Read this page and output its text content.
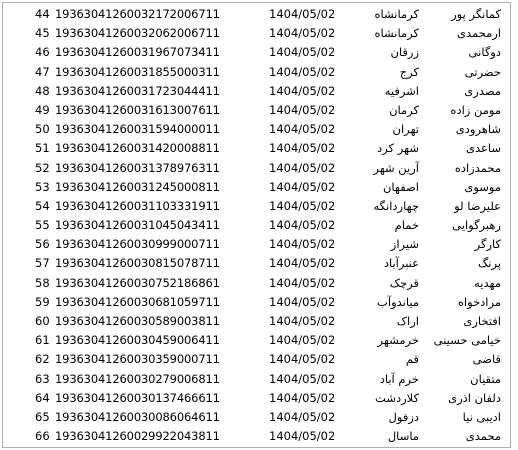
44 19363041260032172006711	1404/05/02	کرمانشاه	کمانگر پور
45 19363041260032062006711	1404/05/02	کرمانشاه	ارمحمدی
46 19363041260031967073411	1404/05/02	زرقان	دوگانی
47 19363041260031855000311	1404/05/02	کرج	حضرتی
48 19363041260031723044411	1404/05/02	اشرفیه	مصدری
49 19363041260031613007611	1404/05/02	کرمان	مومن زاده
50 19363041260031594000011	1404/05/02	تهران	شاهرودی
51 19363041260031420008811	1404/05/02	شهر کرد	ساعدی
52 19363041260031378976311	1404/05/02	آرین شهر	محمدزاده
53 19363041260031245000811	1404/05/02	اصفهان	موسوی
54 19363041260031103331911	1404/05/02	چهاردانگه	علیرضا لو
55 19363041260031045043411	1404/05/02	خمام	رهبرگوایی
56 19363041260030999000711	1404/05/02	شیراز	کارگر
57 19363041260030815078711	1404/05/02	عنبرآباد	پرنگ
58 19363041260030752186861	1404/05/02	قرچک	مهدیه
59 19363041260030681059711	1404/05/02	میاندوآب	مرادخواه
60 19363041260030589003811	1404/05/02	اراک	افتخاری
61 19363041260030459006411	1404/05/02	خرمشهر	خیامی حسینی
62 19363041260030359000711	1404/05/02	قم	قاضی
63 19363041260030279006811	1404/05/02	خرم آباد	متقیان
64 19363041260030137466611	1404/05/02	کلاردشت	دلفان اذری
65 19363041260030086064611	1404/05/02	دزفول	ادیبی نیا
66 19363041260029922043811	1404/05/02	ماسال	محمدی
